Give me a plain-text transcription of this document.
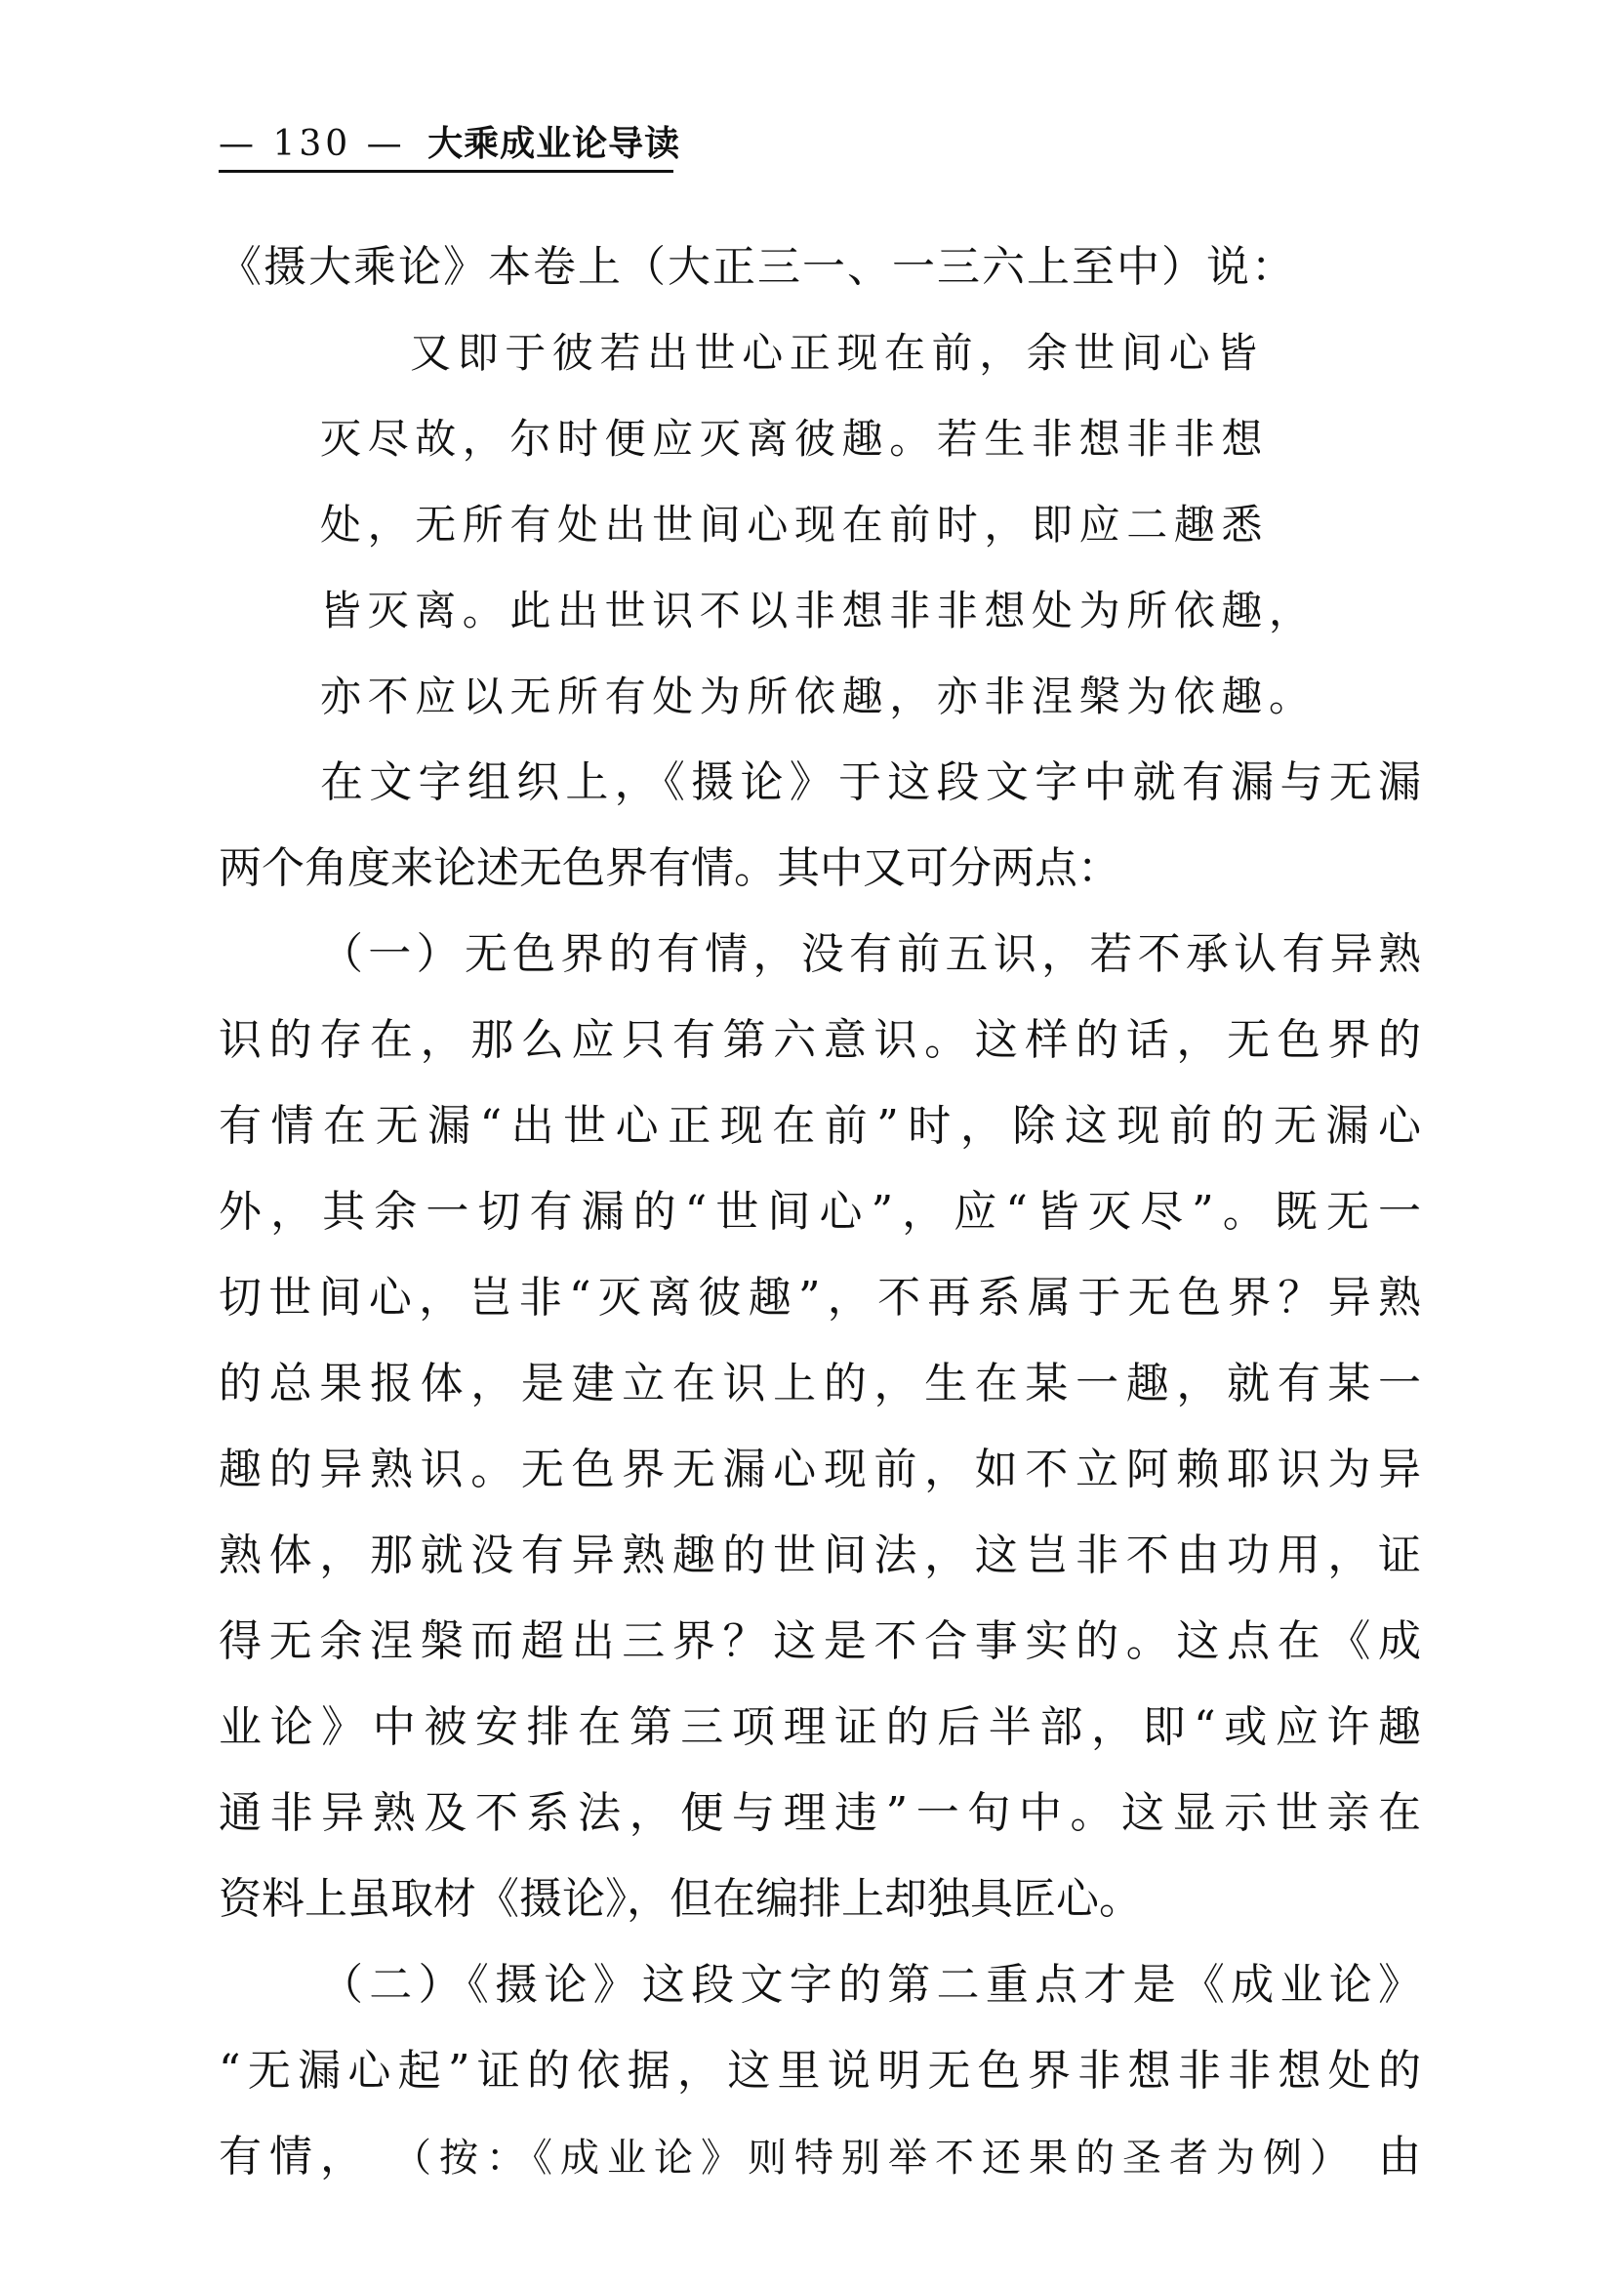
— 130 — 大乘成业论导读
《摄大乘论》本卷上（大正三一、一三六上至中）说：
又即于彼若出世心正现在前，余世间心皆
灭尽故，尔时便应灭离彼趣。若生非想非非想
处，无所有处出世间心现在前时，即应二趣悉
皆灭离。此出世识不以非想非非想处为所依趣，
亦不应以无所有处为所依趣，亦非涅槃为依趣。
在文字组织上，《摄论》于这段文字中就有漏与无漏
两个角度来论述无色界有情。其中又可分两点：
（一）无色界的有情，没有前五识，若不承认有异熟
识的存在，那么应只有第六意识。这样的话，无色界的
有情在无漏“出世心正现在前”时，除这现前的无漏心
外，其余一切有漏的“世间心”，应“皆灭尽”。既无一
切世间心，岂非“灭离彼趣”，不再系属于无色界？异熟
的总果报体，是建立在识上的，生在某一趣，就有某一
趣的异熟识。无色界无漏心现前，如不立阿赖耶识为异
熟体，那就没有异熟趣的世间法，这岂非不由功用，证
得无余涅槃而超出三界？这是不合事实的。这点在《成
业论》中被安排在第三项理证的后半部，即“或应许趣
通非异熟及不系法，便与理违”一句中。这显示世亲在
资料上虽取材《摄论》，但在编排上却独具匠心。
（二）《摄论》这段文字的第二重点才是《成业论》
“无漏心起”证的依据，这里说明无色界非想非非想处的
有情， （按：《成业论》则特别举不还果的圣者为例） 由
